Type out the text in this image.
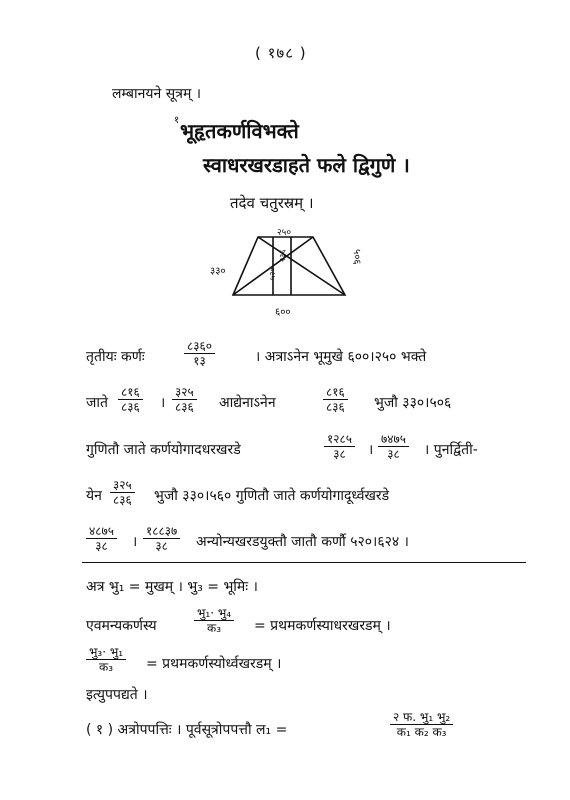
( १७८ )
लम्बानयने सूत्रम् ।
१ भूहृतकर्णविभक्ते
स्वाधरखरडाहते फले द्विगुणे ।
तदेव चतुरस्रम् ।
२५०
३३०
५०६
६००
२३६
५२०
तृतीयः कर्णः
८३६०
१३	। अत्राऽनेन भूमुखे ६००।२५० भक्ते
जाते
८१६
८३६ ।
३२५
८३६ आद्येनाऽनेन
८१६
८३६ भुजौ ३३०।५०६
गुणितौ जाते कर्णयोगादधरखरडे
१२८५
३८ ।
७४७५
३८ । पुनर्द्विती-
येन
३२५
८३६ भुजौ ३३०।५६० गुणितौ जाते कर्णयोगादूर्ध्वखरडे
४८७५
३८ ।
१८८३७
३८ अन्योन्यखरडयुक्तौ जातौ कर्णौ ५२०।६२४ ।
अत्र भु₁ = मुखम् । भु₃ = भूमिः ।
एवमन्यकर्णस्य
भु₁· भु₄
क₃ = प्रथमकर्णस्याधरखरडम् ।
भु₃· भु₁
क₃ = प्रथमकर्णस्योर्ध्वखरडम् ।
इत्युपपद्यते ।
( १ ) अत्रोपपत्तिः । पूर्वसूत्रोपपत्तौ ल₁ =
२ फ. भु₁ भु₂
क₁ क₂ क₃
